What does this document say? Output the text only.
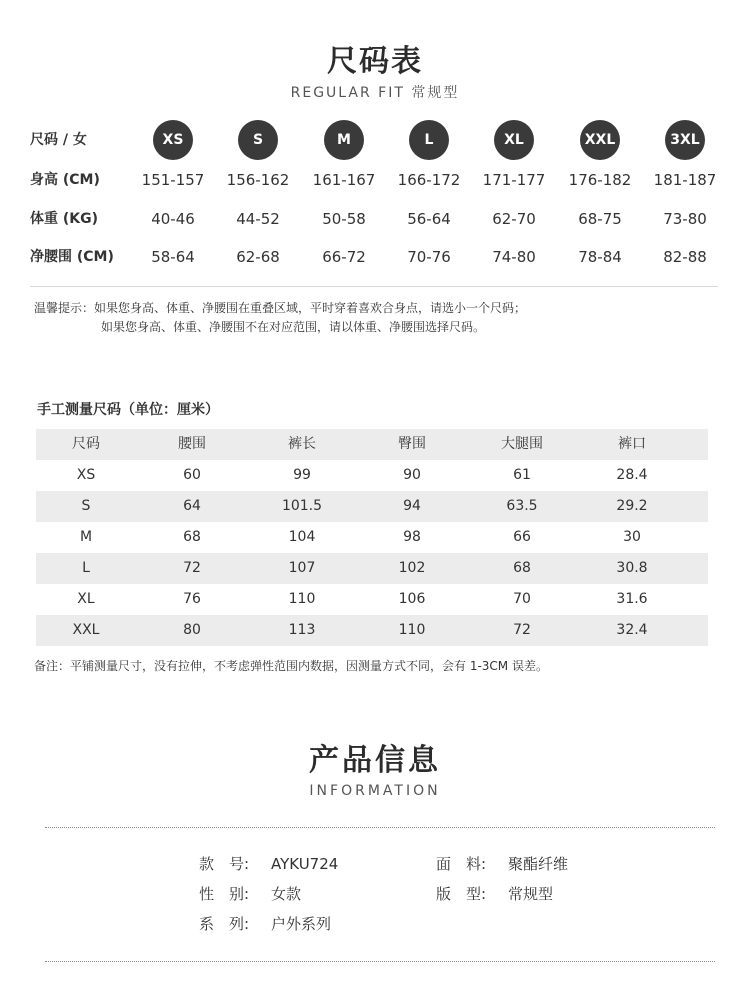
尺码表
REGULAR FIT 常规型
尺码 / 女	XS	S	M	L	XL	XXL	3XL
身高 (CM)	151-157	156-162	161-167	166-172	171-177	176-182	181-187
体重 (KG)	40-46	44-52	50-58	56-64	62-70	68-75	73-80
净腰围 (CM)	58-64	62-68	66-72	70-76	74-80	78-84	82-88
温馨提示：如果您身高、体重、净腰围在重叠区域，平时穿着喜欢合身点，请选小一个尺码；
如果您身高、体重、净腰围不在对应范围，请以体重、净腰围选择尺码。
手工测量尺码（单位：厘米）
尺码	腰围	裤长	臀围	大腿围	裤口
XS	60	99	90	61	28.4
S	64	101.5	94	63.5	29.2
M	68	104	98	66	30
L	72	107	102	68	30.8
XL	76	110	106	70	31.6
XXL	80	113	110	72	32.4
备注：平铺测量尺寸，没有拉伸，不考虑弹性范围内数据，因测量方式不同，会有 1-3CM 误差。
产品信息
INFORMATION
款　号: AYKU724	面　料: 聚酯纤维
性　别: 女款	版　型: 常规型
系　列: 户外系列
